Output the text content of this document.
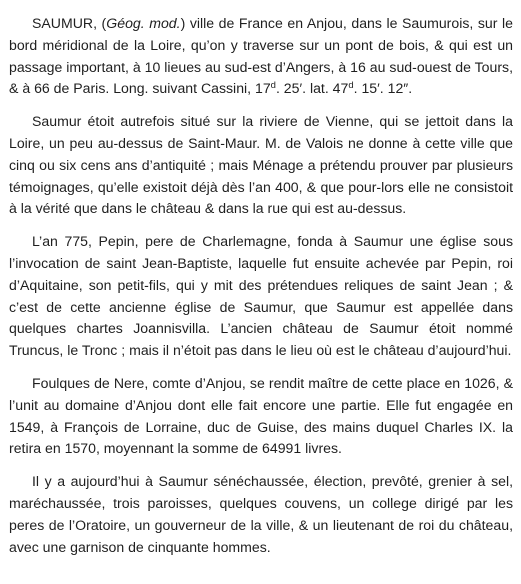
SAUMUR, (Géog. mod.) ville de France en Anjou, dans le Saumurois, sur le bord méridional de la Loire, qu’on y traverse sur un pont de bois, & qui est un passage important, à 10 lieues au sud-est d’Angers, à 16 au sud-ouest de Tours, & à 66 de Paris. Long. suivant Cassini, 17$^d$. 25′. lat. 47$^d$. 15′. 12″.

Saumur étoit autrefois situé sur la riviere de Vienne, qui se jettoit dans la Loire, un peu au-dessus de Saint-Maur. M. de Valois ne donne à cette ville que cinq ou six cens ans d’antiquité ; mais Ménage a prétendu prouver par plusieurs témoignages, qu’elle existoit déjà dès l’an 400, & que pour-lors elle ne consistoit à la vérité que dans le château & dans la rue qui est au-dessus.

L’an 775, Pepin, pere de Charlemagne, fonda à Saumur une église sous l’invocation de saint Jean-Baptiste, laquelle fut ensuite achevée par Pepin, roi d’Aquitaine, son petit-fils, qui y mit des prétendues reliques de saint Jean ; & c’est de cette ancienne église de Saumur, que Saumur est appellée dans quelques chartes Joannisvilla. L’ancien château de Saumur étoit nommé Truncus, le Tronc ; mais il n’étoit pas dans le lieu où est le château d’aujourd’hui.

Foulques de Nere, comte d’Anjou, se rendit maître de cette place en 1026, & l’unit au domaine d’Anjou dont elle fait encore une partie. Elle fut engagée en 1549, à François de Lorraine, duc de Guise, des mains duquel Charles IX. la retira en 1570, moyennant la somme de 64991 livres.

Il y a aujourd’hui à Saumur sénéchaussée, élection, prevôté, grenier à sel, maréchaussée, trois paroisses, quelques couvens, un college dirigé par les peres de l’Oratoire, un gouverneur de la ville, & un lieutenant de roi du château, avec une garnison de cinquante hommes.
